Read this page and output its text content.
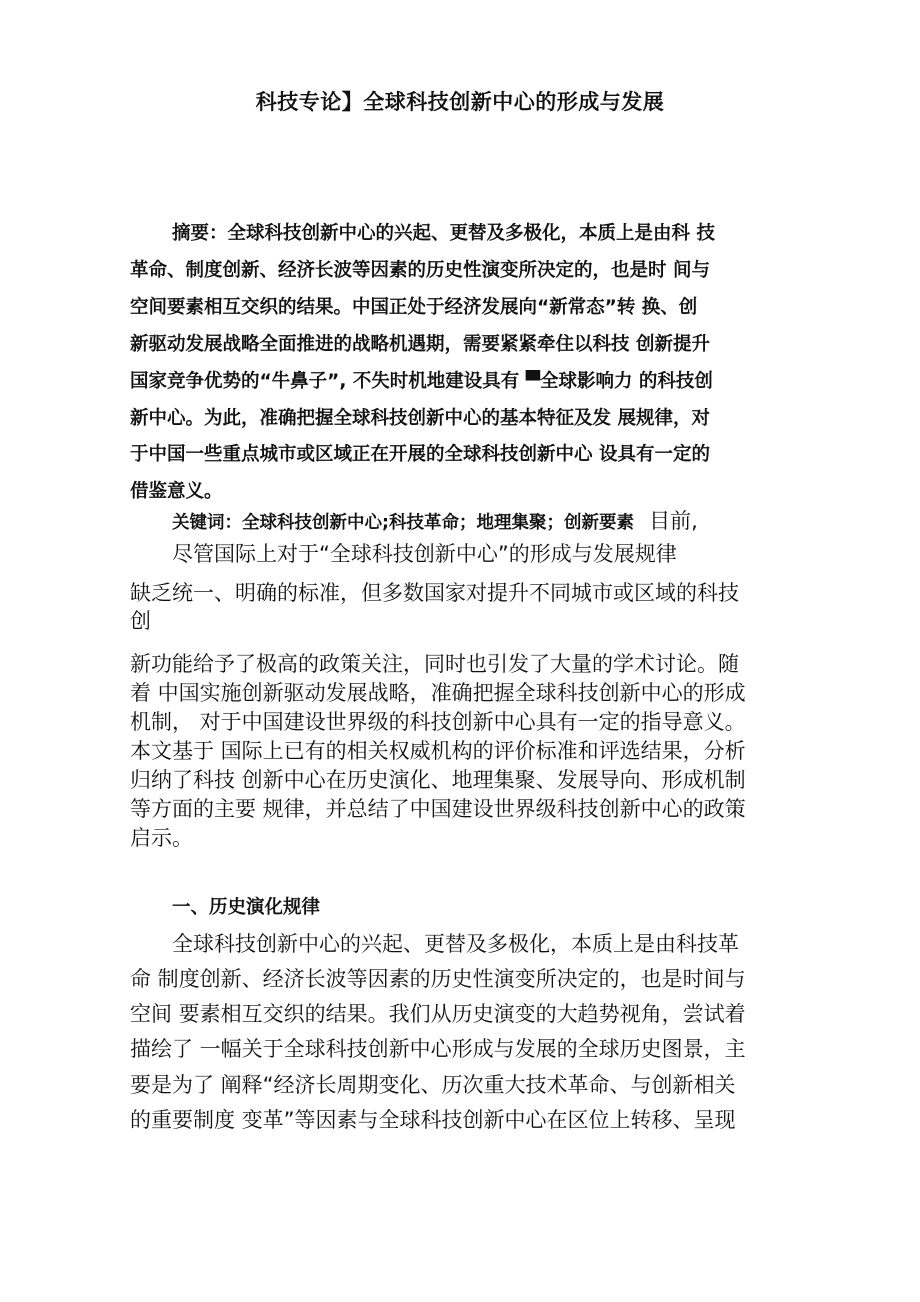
科技专论】全球科技创新中心的形成与发展

摘要：全球科技创新中心的兴起、更替及多极化，本质上是由科 技

革命、制度创新、经济长波等因素的历史性演变所决定的，也是时 间与

空间要素相互交织的结果。中国正处于经济发展向“新常态”转 换、创

新驱动发展战略全面推进的战略机遇期，需要紧紧牵住以科技 创新提升

国家竞争优势的“牛鼻子”, 不失时机地建设具有 ▀全球影响力 的科技创

新中心。为此，准确把握全球科技创新中心的基本特征及发 展规律，对

于中国一些重点城市或区域正在开展的全球科技创新中心 设具有一定的

借鉴意义。

关键词：全球科技创新中心;科技革命；地理集聚；创新要素 目前,

尽管国际上对于“全球科技创新中心”的形成与发展规律

缺乏统一、明确的标准，但多数国家对提升不同城市或区域的科技

创

新功能给予了极高的政策关注，同时也引发了大量的学术讨论。随

着 中国实施创新驱动发展战略，准确把握全球科技创新中心的形成

机制， 对于中国建设世界级的科技创新中心具有一定的指导意义。

本文基于 国际上已有的相关权威机构的评价标准和评选结果，分析

归纳了科技 创新中心在历史演化、地理集聚、发展导向、形成机制

等方面的主要 规律，并总结了中国建设世界级科技创新中心的政策

启示。

一、历史演化规律

全球科技创新中心的兴起、更替及多极化，本质上是由科技革

命 制度创新、经济长波等因素的历史性演变所决定的，也是时间与

空间 要素相互交织的结果。我们从历史演变的大趋势视角，尝试着

描绘了 一幅关于全球科技创新中心形成与发展的全球历史图景，主

要是为了 阐释“经济长周期变化、历次重大技术革命、与创新相关

的重要制度 变革”等因素与全球科技创新中心在区位上转移、呈现
